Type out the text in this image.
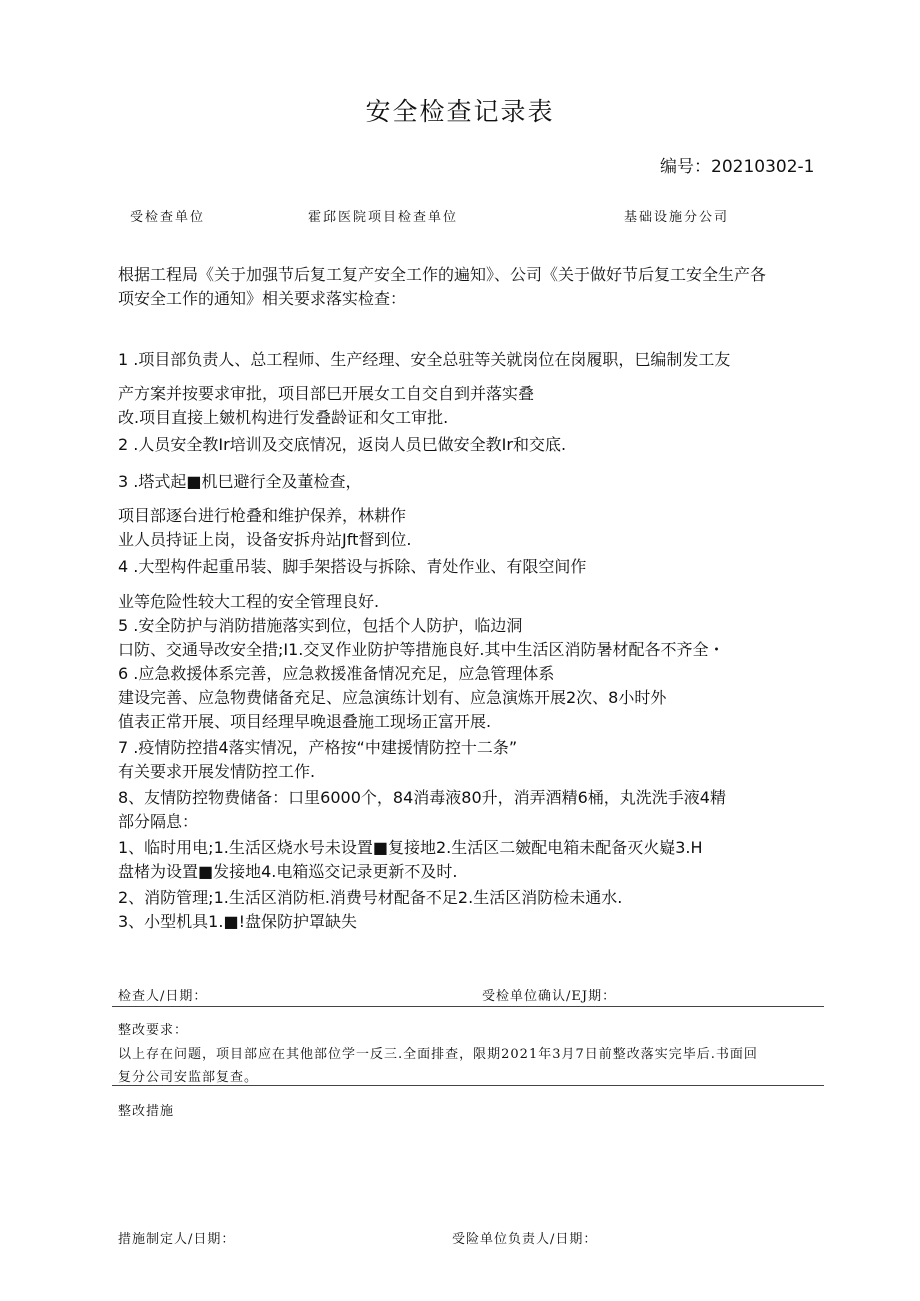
安全检查记录表
编号：20210302-1
受检查单位	霍邱医院项目检查单位	基础设施分公司
根据工程局《关于加强节后复工复产安全工作的遍知》、公司《关于做好节后复工安全生产各
项安全工作的通知》相关要求落实检查：
1 .项目部负责人、总工程师、生产经理、安全总驻等关就岗位在岗履职，巳编制发工友
产方案并按要求审批，项目部巳开展女工自交自到并落实叠
改.项目直接上皴机构进行发叠龄证和攵工审批.
2 .人员安全教Ir培训及交底情况，返岗人员巳做安全教Ir和交底.
3 .塔式起■机巳避行全及董检查，
项目部逐台进行枪叠和维护保养，林耕作
业人员持证上岗，设备安拆舟站Jft督到位.
4 .大型构件起重吊装、脚手架搭设与拆除、青处作业、有限空间作
业等危险性较大工程的安全管理良好.
5 .安全防护与消防措施落实到位，包括个人防护，临边洞
口防、交通导改安全措;I1.交叉作业防护等措施良好.其中生活区消防暑材配各不齐全・
6 .应急救援体系完善，应急救援准备情况充足，应急管理体系
建设完善、应急物费储备充足、应急演练计划有、应急演炼开展2次、8小时外
值表正常开展、项目经理早晚退叠施工现场正富开展.
7 .疫情防控措4落实情况，产格按“中建援情防控十二条”
有关要求开展发情防控工作.
8、友情防控物费储备：口里6000个，84消毒液80升，消弄酒精6桶，丸洗洗手液4精
部分隔息：
1、临时用电;1.生活区烧水号未设置■复接地2.生活区二皴配电箱未配备灭火嶷3.H
盘楮为设置■发接地4.电箱巡交记录更新不及时.
2、消防管理;1.生活区消防柜.消费号材配备不足2.生活区消防检未通水.
3、小型机具1.■!盘保防护罩缺失
检查人/日期：	受检单位确认/EJ期：
整改要求：
以上存在问题，项目部应在其他部位学一反三.全面排查，限期2021年3月7日前整改落实完毕后.书面回
复分公司安监部复查。
整改措施
措施制定人/日期：	受险单位负责人/日期：
